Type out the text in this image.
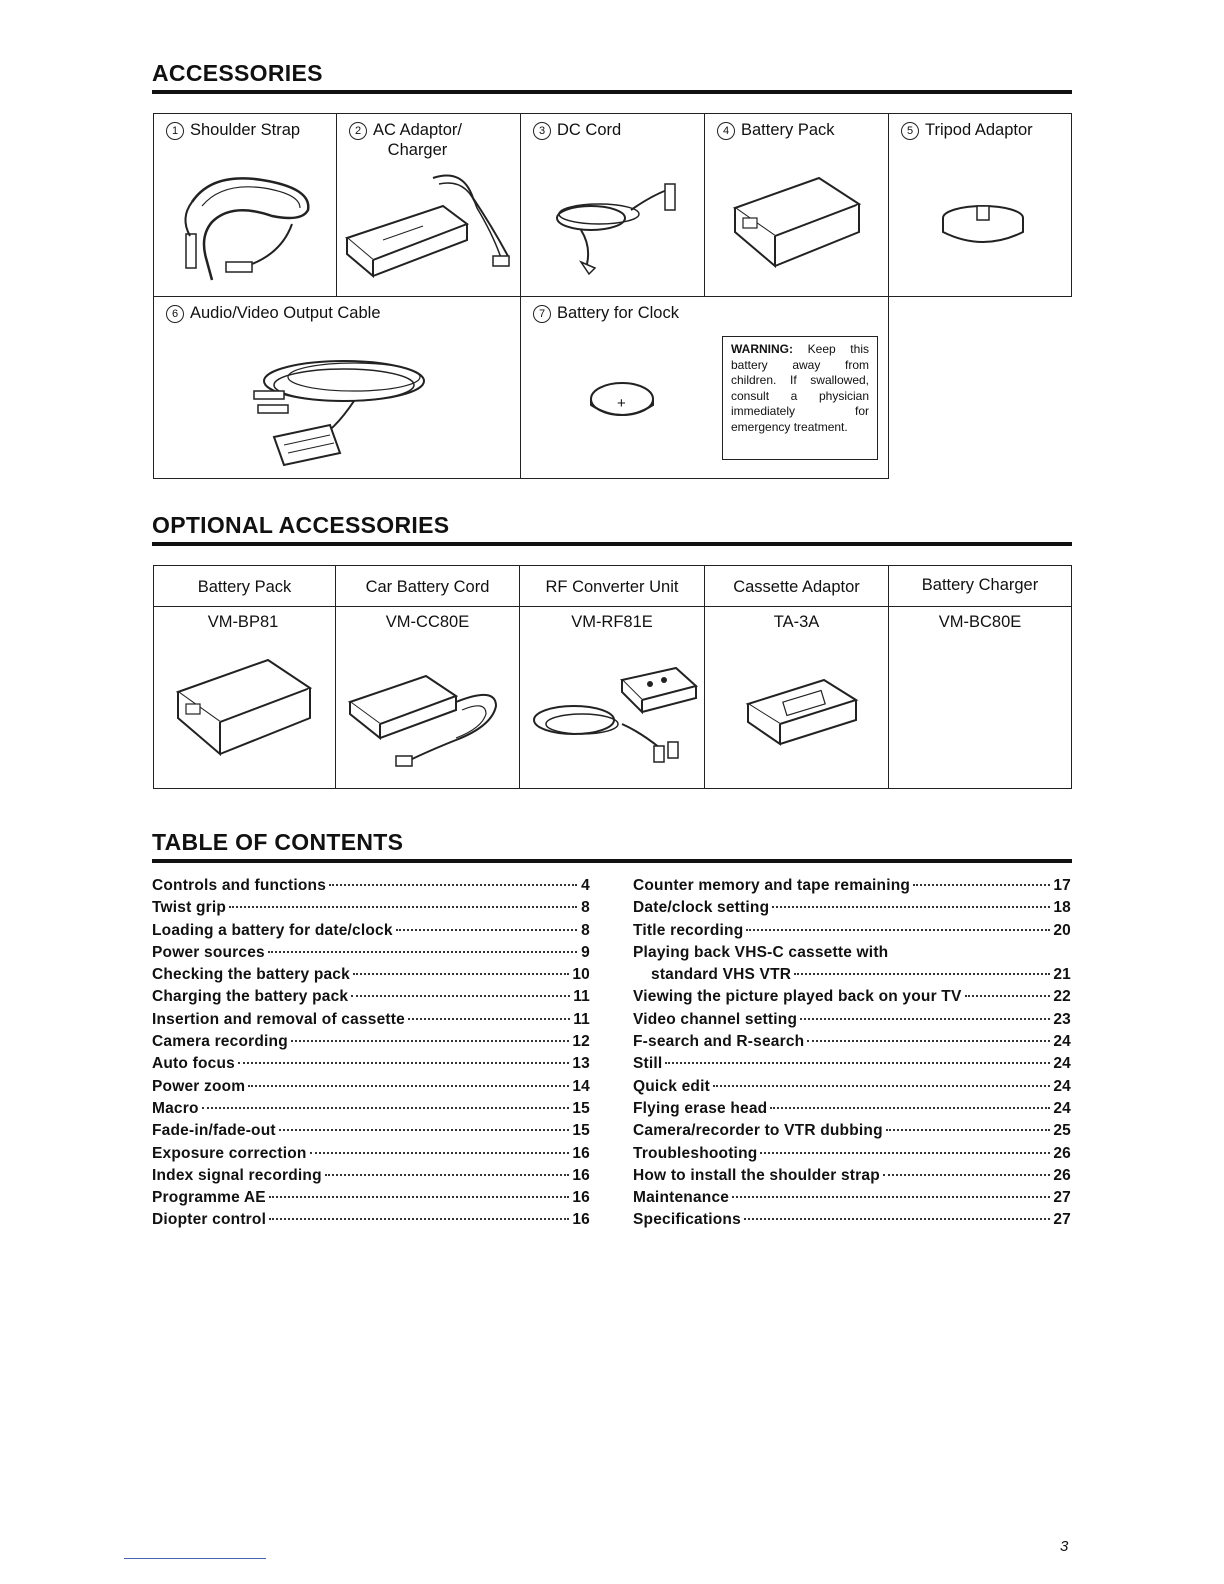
ACCESSORIES
1 Shoulder Strap	2 AC Adaptor/
Charger
3 DC Cord	4 Battery Pack	5 Tripod Adaptor
6 Audio/Video Output Cable	7 Battery for Clock
+
WARNING: Keep this battery away from children. If swallowed, consult a physician immediately for emergency treatment.
OPTIONAL ACCESSORIES
Battery Pack	Car Battery Cord	RF Converter Unit	Cassette Adaptor	Battery Charger
VM-BP81	VM-CC80E	VM-RF81E	TA-3A	VM-BC80E
TABLE OF CONTENTS
Controls and functions	4
Twist grip	8
Loading a battery for date/clock	8
Power sources	9
Checking the battery pack	10
Charging the battery pack	11
Insertion and removal of cassette	11
Camera recording	12
Auto focus	13
Power zoom	14
Macro	15
Fade-in/fade-out	15
Exposure correction	16
Index signal recording	16
Programme AE	16
Diopter control	16
Counter memory and tape remaining	17
Date/clock setting	18
Title recording	20
Playing back VHS-C cassette with
standard VHS VTR	21
Viewing the picture played back on your TV	22
Video channel setting	23
F-search and R-search	24
Still	24
Quick edit	24
Flying erase head	24
Camera/recorder to VTR dubbing	25
Troubleshooting	26
How to install the shoulder strap	26
Maintenance	27
Specifications	27
3
